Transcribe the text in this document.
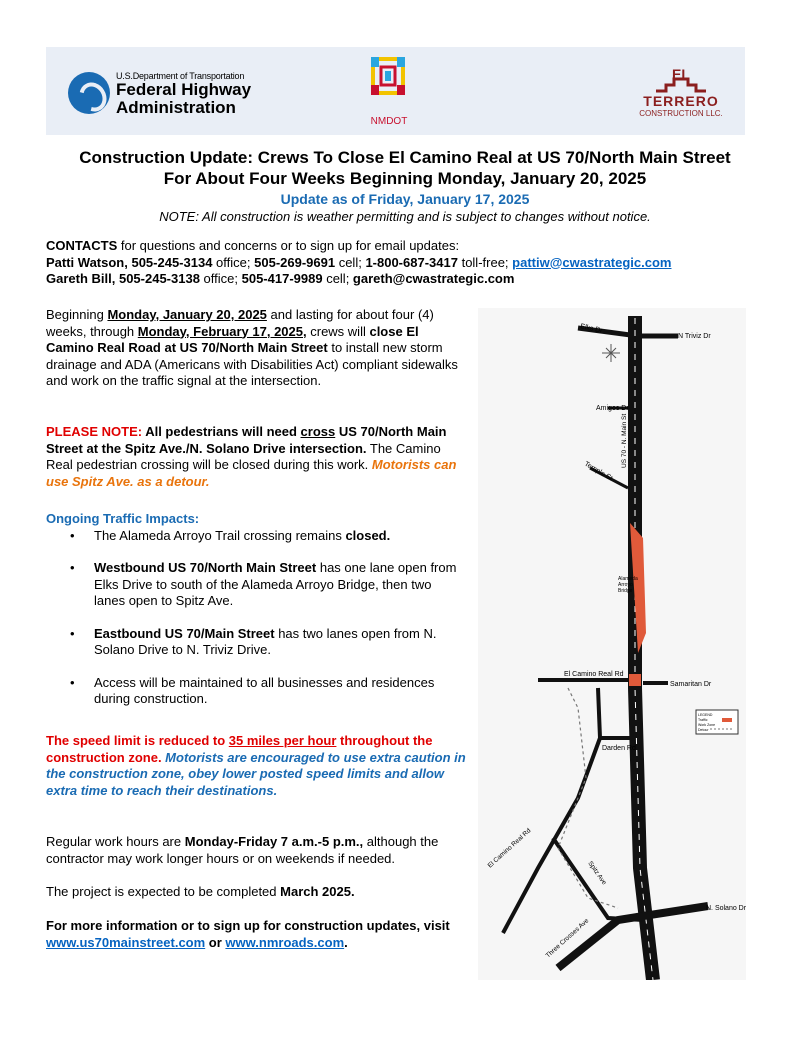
U.S.Department of Transportation
Federal Highway
Administration
NMDOT
EL
TERRERO
CONSTRUCTION LLC.
Construction Update: Crews To Close El Camino Real at US 70/North Main Street
For About Four Weeks Beginning Monday, January 20, 2025
Update as of Friday, January 17, 2025
NOTE: All construction is weather permitting and is subject to changes without notice.
CONTACTS for questions and concerns or to sign up for email updates:
Patti Watson, 505-245-3134 office; 505-269-9691 cell; 1-800-687-3417 toll-free; pattiw@cwastrategic.com
Gareth Bill, 505-245-3138 office; 505-417-9989 cell; gareth@cwastrategic.com
Beginning Monday, January 20, 2025 and lasting for about four (4) weeks, through Monday, February 17, 2025, crews will close El Camino Real Road at US 70/North Main Street to install new storm drainage and ADA (Americans with Disabilities Act) compliant sidewalks and work on the traffic signal at the intersection.
PLEASE NOTE: All pedestrians will need cross US 70/North Main Street at the Spitz Ave./N. Solano Drive intersection. The Camino Real pedestrian crossing will be closed during this work. Motorists can use Spitz Ave. as a detour.
Ongoing Traffic Impacts:
• The Alameda Arroyo Trail crossing remains closed.
• Westbound US 70/North Main Street has one lane open from Elks Drive to south of the Alameda Arroyo Bridge, then two lanes open to Spitz Ave.
• Eastbound US 70/Main Street has two lanes open from N. Solano Drive to N. Triviz Drive.
• Access will be maintained to all businesses and residences during construction.
The speed limit is reduced to 35 miles per hour throughout the construction zone. Motorists are encouraged to use extra caution in the construction zone, obey lower posted speed limits and allow extra time to reach their destinations.
Regular work hours are Monday-Friday 7 a.m.-5 p.m., although the contractor may work longer hours or on weekends if needed.
The project is expected to be completed March 2025.
For more information or to sign up for construction updates, visit www.us70mainstreet.com or www.nmroads.com.
Elks Dr
N Triviz Dr
Amigos Dr
US 70 - N. Main St
Temple St
Alameda
Arroyo
Bridge
El Camino Real Rd
Samaritan Dr
Darden Rd
El Camino Real Rd
Spitz Ave
N. Solano Dr
Three Crosses Ave
LEGEND
Traffic
Work Zone
Detour
